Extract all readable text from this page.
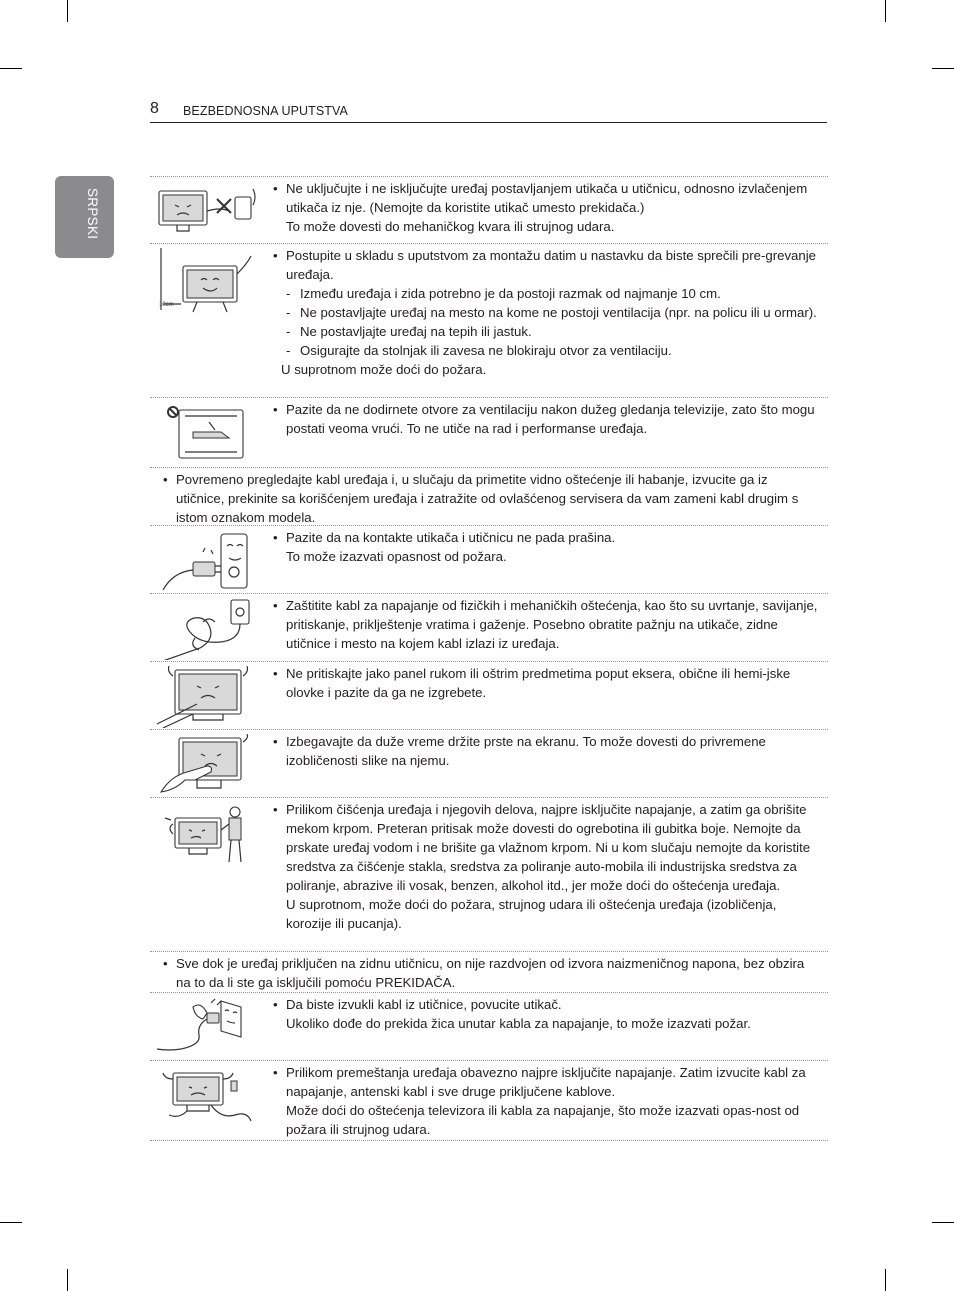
8 BEZBEDNOSNA UPUTSTVA
SRPSKI

•	Ne uključujte i ne isključujte uređaj postavljanjem utikača u utičnicu, odnosno izvlačenjem utikača iz nje. (Nemojte da koristite utikač umesto prekidača.)

To može dovesti do mehaničkog kvara ili strujnog udara.

10cm

• Postupite u skladu s uputstvom za montažu datim u nastavku da biste sprečili pre-grevanje uređaja.

- Između uređaja i zida potrebno je da postoji razmak od najmanje 10 cm.

- Ne postavljajte uređaj na mesto na kome ne postoji ventilacija (npr. na policu ili u ormar).

- Ne postavljajte uređaj na tepih ili jastuk.

- Osigurajte da stolnjak ili zavesa ne blokiraju otvor za ventilaciju.

U suprotnom može doći do požara.

• Pazite da ne dodirnete otvore za ventilaciju nakon dužeg gledanja televizije, zato što mogu postati veoma vrući. To ne utiče na rad i performanse uređaja.

• Povremeno pregledajte kabl uređaja i, u slučaju da primetite vidno oštećenje ili habanje, izvucite ga iz utičnice, prekinite sa korišćenjem uređaja i zatražite od ovlašćenog servisera da vam zameni kabl drugim s istom oznakom modela.

• Pazite da na kontakte utikača i utičnicu ne pada prašina.

To može izazvati opasnost od požara.

• Zaštitite kabl za napajanje od fizičkih i mehaničkih oštećenja, kao što su uvrtanje, savijanje, pritiskanje, priklještenje vratima i gaženje. Posebno obratite pažnju na utikače, zidne utičnice i mesto na kojem kabl izlazi iz uređaja.

• Ne pritiskajte jako panel rukom ili oštrim predmetima poput eksera, obične ili hemi-jske olovke i pazite da ga ne izgrebete.

• Izbegavajte da duže vreme držite prste na ekranu. To može dovesti do privremene izobličenosti slike na njemu.

• Prilikom čišćenja uređaja i njegovih delova, najpre isključite napajanje, a zatim ga obrišite mekom krpom. Preteran pritisak može dovesti do ogrebotina ili gubitka boje. Nemojte da prskate uređaj vodom i ne brišite ga vlažnom krpom. Ni u kom slučaju nemojte da koristite sredstva za čišćenje stakla, sredstva za poliranje auto-mobila ili industrijska sredstva za poliranje, abrazive ili vosak, benzen, alkohol itd., jer može doći do oštećenja uređaja.

U suprotnom, može doći do požara, strujnog udara ili oštećenja uređaja (izobličenja, korozije ili pucanja).

• Sve dok je uređaj priključen na zidnu utičnicu, on nije razdvojen od izvora naizmeničnog napona, bez obzira na to da li ste ga isključili pomoću PREKIDAČA.

• Da biste izvukli kabl iz utičnice, povucite utikač.

Ukoliko dođe do prekida žica unutar kabla za napajanje, to može izazvati požar.

• Prilikom premeštanja uređaja obavezno najpre isključite napajanje. Zatim izvucite kabl za napajanje, antenski kabl i sve druge priključene kablove.

Može doći do oštećenja televizora ili kabla za napajanje, što može izazvati opas-nost od požara ili strujnog udara.
